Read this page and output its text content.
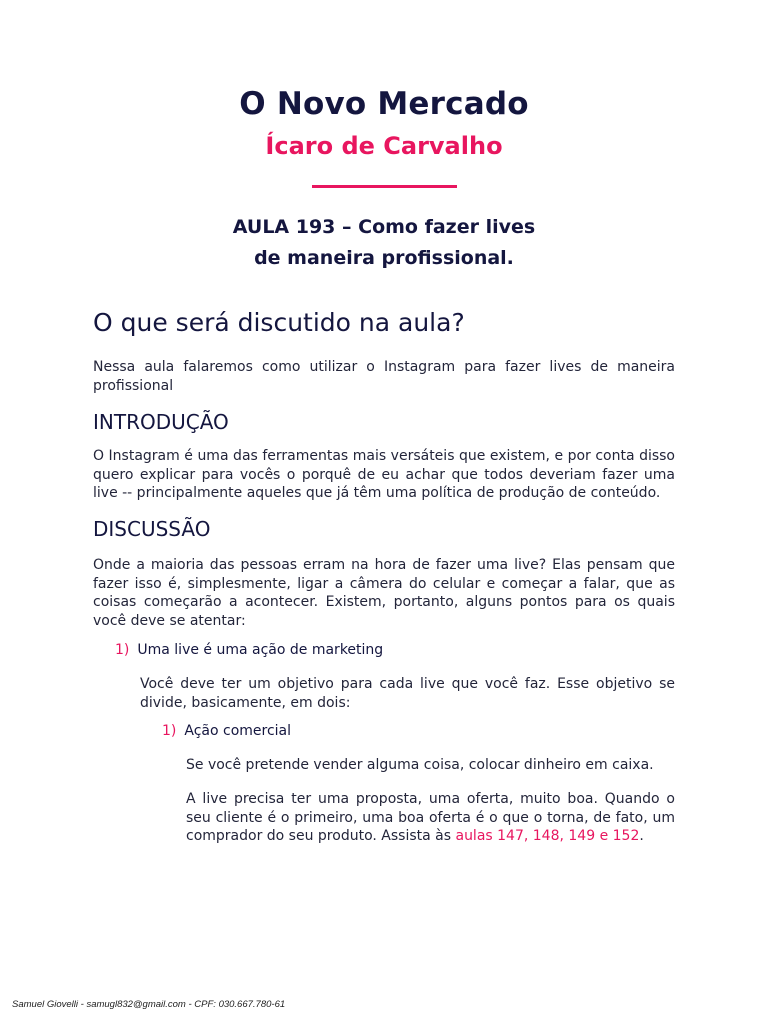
O Novo Mercado
Ícaro de Carvalho
AULA 193 – Como fazer lives
de maneira profissional.
O que será discutido na aula?

Nessa aula falaremos como utilizar o Instagram para fazer lives de maneira profissional

INTRODUÇÃO

O Instagram é uma das ferramentas mais versáteis que existem, e por conta disso quero explicar para vocês o porquê de eu achar que todos deveriam fazer uma live -- principalmente aqueles que já têm uma política de produção de conteúdo.

DISCUSSÃO

Onde a maioria das pessoas erram na hora de fazer uma live? Elas pensam que fazer isso é, simplesmente, ligar a câmera do celular e começar a falar, que as coisas começarão a acontecer. Existem, portanto, alguns pontos para os quais você deve se atentar:

1) Uma live é uma ação de marketing

Você deve ter um objetivo para cada live que você faz. Esse objetivo se divide, basicamente, em dois:

1) Ação comercial

Se você pretende vender alguma coisa, colocar dinheiro em caixa.

A live precisa ter uma proposta, uma oferta, muito boa. Quando o seu cliente é o primeiro, uma boa oferta é o que o torna, de fato, um comprador do seu produto. Assista às aulas 147, 148, 149 e 152.

Samuel Giovelli - samugl832@gmail.com - CPF: 030.667.780-61
